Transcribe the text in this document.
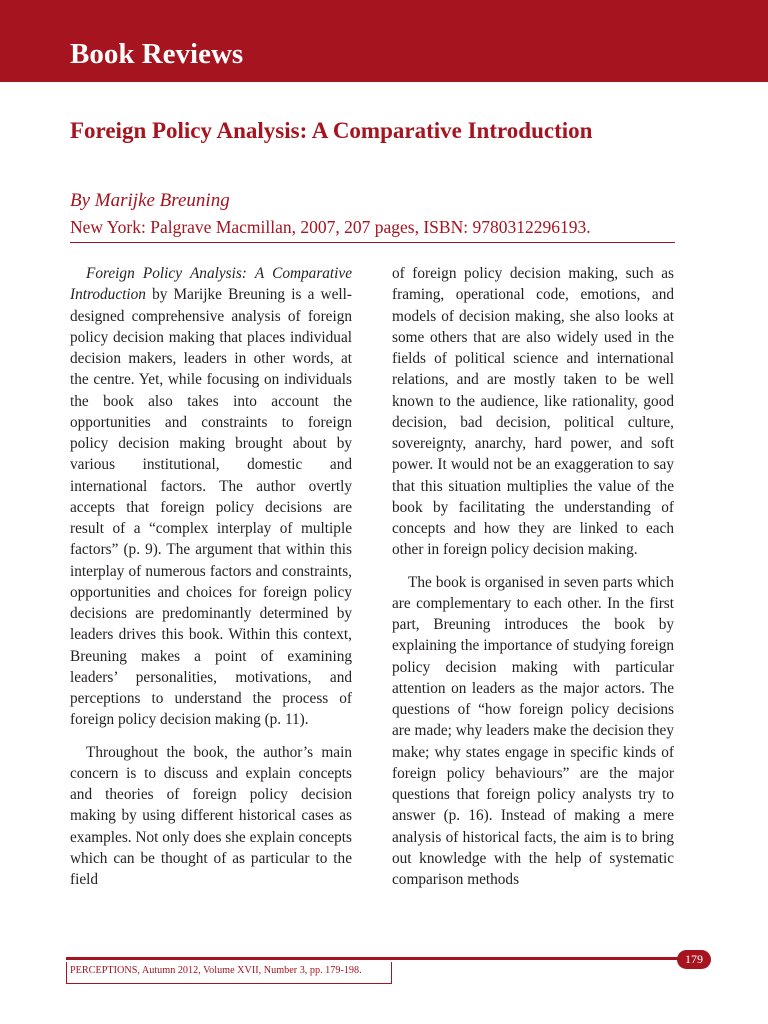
Book Reviews
Foreign Policy Analysis: A Comparative Introduction
By Marijke Breuning
New York: Palgrave Macmillan, 2007, 207 pages, ISBN: 9780312296193.

Foreign Policy Analysis: A Comparative Introduction by Marijke Breuning is a well-designed comprehensive analysis of foreign policy decision making that places individual decision makers, leaders in other words, at the centre. Yet, while focusing on individuals the book also takes into account the opportunities and constraints to foreign policy decision making brought about by various institutional, domestic and international factors. The author overtly accepts that foreign policy decisions are result of a “complex interplay of multiple factors” (p. 9). The argument that within this interplay of numerous factors and constraints, opportunities and choices for foreign policy decisions are predominantly determined by leaders drives this book. Within this context, Breuning makes a point of examining leaders’ personalities, motivations, and perceptions to understand the process of foreign policy decision making (p. 11).

Throughout the book, the author’s main concern is to discuss and explain concepts and theories of foreign policy decision making by using different historical cases as examples. Not only does she explain concepts which can be thought of as particular to the field

of foreign policy decision making, such as framing, operational code, emotions, and models of decision making, she also looks at some others that are also widely used in the fields of political science and international relations, and are mostly taken to be well known to the audience, like rationality, good decision, bad decision, political culture, sovereignty, anarchy, hard power, and soft power. It would not be an exaggeration to say that this situation multiplies the value of the book by facilitating the understanding of concepts and how they are linked to each other in foreign policy decision making.

The book is organised in seven parts which are complementary to each other. In the first part, Breuning introduces the book by explaining the importance of studying foreign policy decision making with particular attention on leaders as the major actors. The questions of “how foreign policy decisions are made; why leaders make the decision they make; why states engage in specific kinds of foreign policy behaviours” are the major questions that foreign policy analysts try to answer (p. 16). Instead of making a mere analysis of historical facts, the aim is to bring out knowledge with the help of systematic comparison methods

PERCEPTIONS, Autumn 2012, Volume XVII, Number 3, pp. 179-198.
179
